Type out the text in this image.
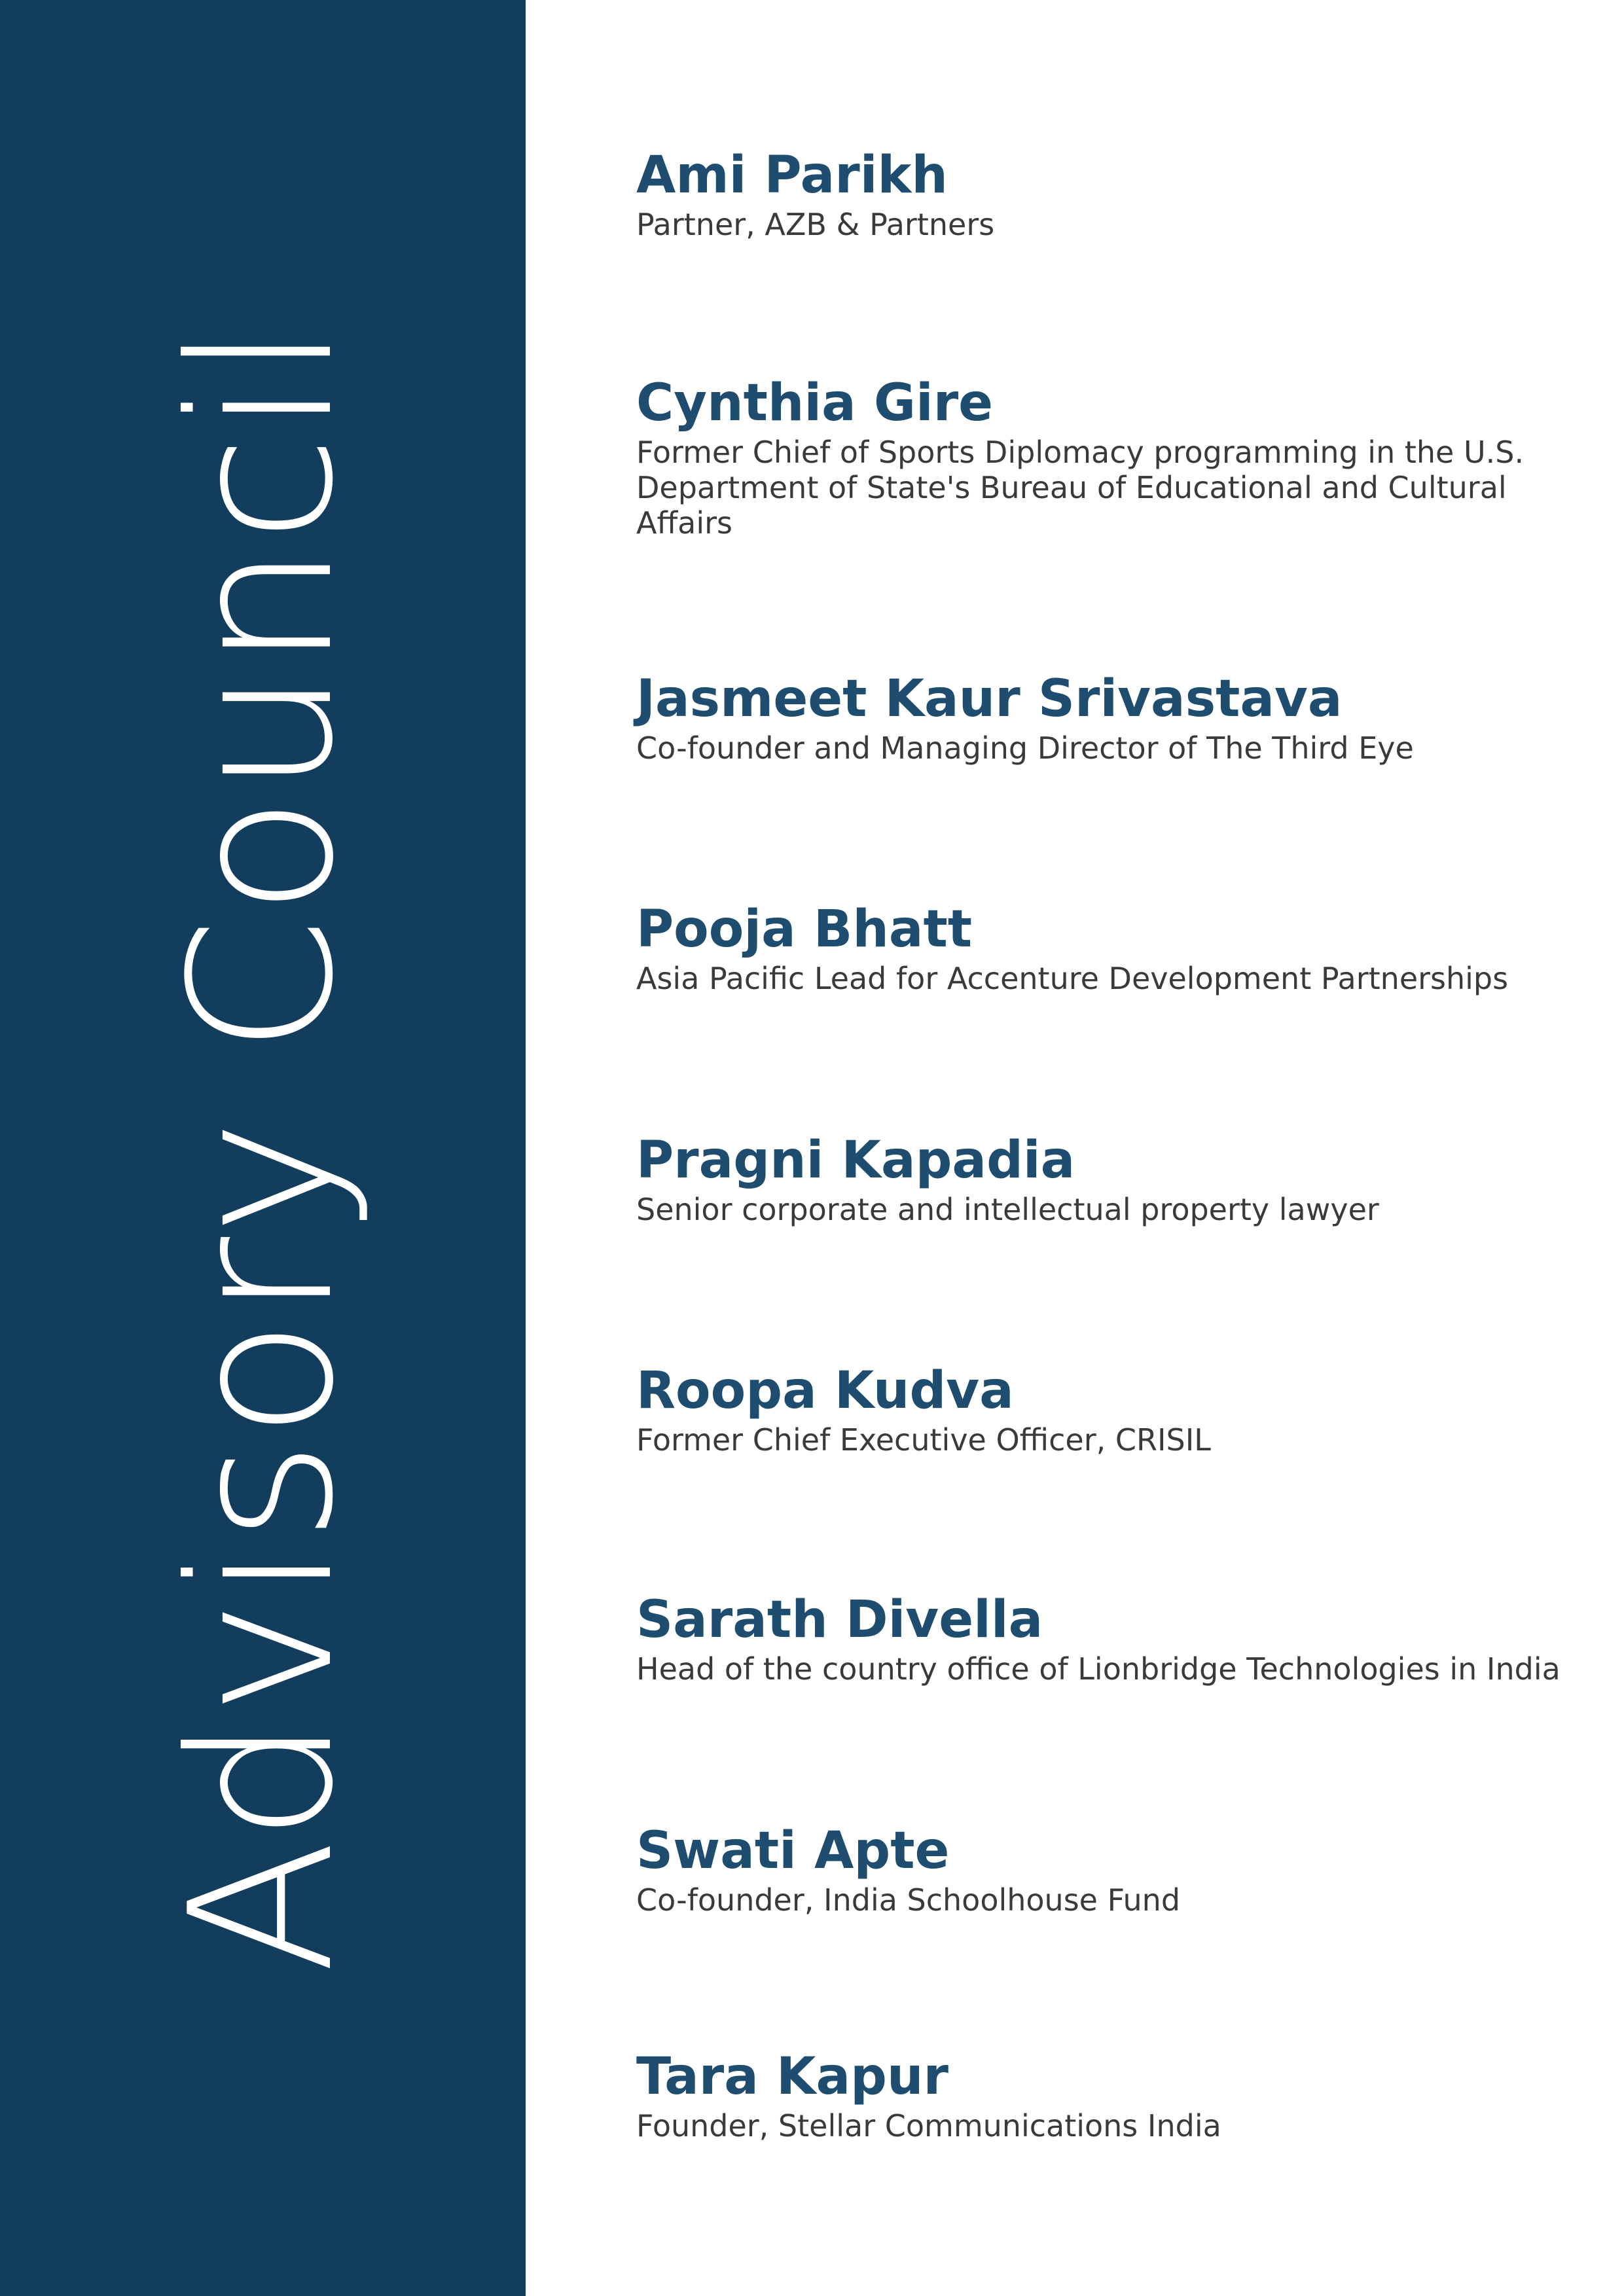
Advisory Council
Ami Parikh
Partner, AZB & Partners
Cynthia Gire
Former Chief of Sports Diplomacy programming in the U.S. Department of State's Bureau of Educational and Cultural Affairs
Jasmeet Kaur Srivastava
Co-founder and Managing Director of The Third Eye
Pooja Bhatt
Asia Pacific Lead for Accenture Development Partnerships
Pragni Kapadia
Senior corporate and intellectual property lawyer
Roopa Kudva
Former Chief Executive Officer, CRISIL
Sarath Divella
Head of the country office of Lionbridge Technologies in India
Swati Apte
Co-founder, India Schoolhouse Fund
Tara Kapur
Founder, Stellar Communications India
